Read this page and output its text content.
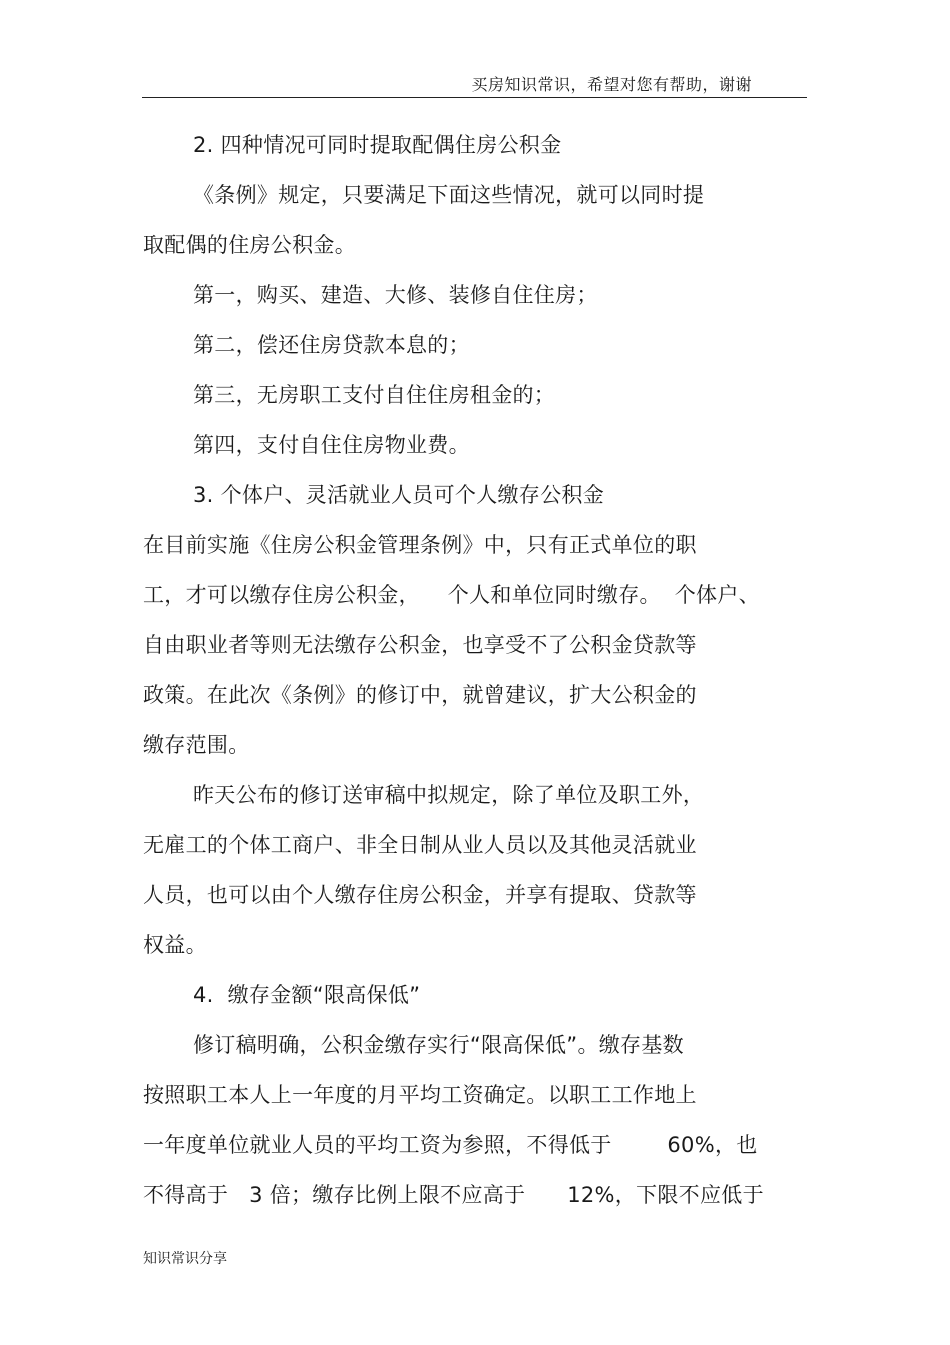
买房知识常识，希望对您有帮助，谢谢
2. 四种情况可同时提取配偶住房公积金
《条例》规定，只要满足下面这些情况，就可以同时提
取配偶的住房公积金。
第一，购买、建造、大修、装修自住住房；
第二，偿还住房贷款本息的；
第三，无房职工支付自住住房租金的；
第四，支付自住住房物业费。
3. 个体户、灵活就业人员可个人缴存公积金
在目前实施《住房公积金管理条例》中，只有正式单位的职
工，才可以缴存住房公积金，    个人和单位同时缴存。  个体户、
自由职业者等则无法缴存公积金，也享受不了公积金贷款等
政策。在此次《条例》的修订中，就曾建议，扩大公积金的
缴存范围。
昨天公布的修订送审稿中拟规定，除了单位及职工外，
无雇工的个体工商户、非全日制从业人员以及其他灵活就业
人员，也可以由个人缴存住房公积金，并享有提取、贷款等
权益。
4.  缴存金额“限高保低”
修订稿明确，公积金缴存实行“限高保低”。缴存基数
按照职工本人上一年度的月平均工资确定。以职工工作地上
一年度单位就业人员的平均工资为参照，不得低于        60%，也
不得高于   3 倍；缴存比例上限不应高于      12%，下限不应低于
知识常识分享
